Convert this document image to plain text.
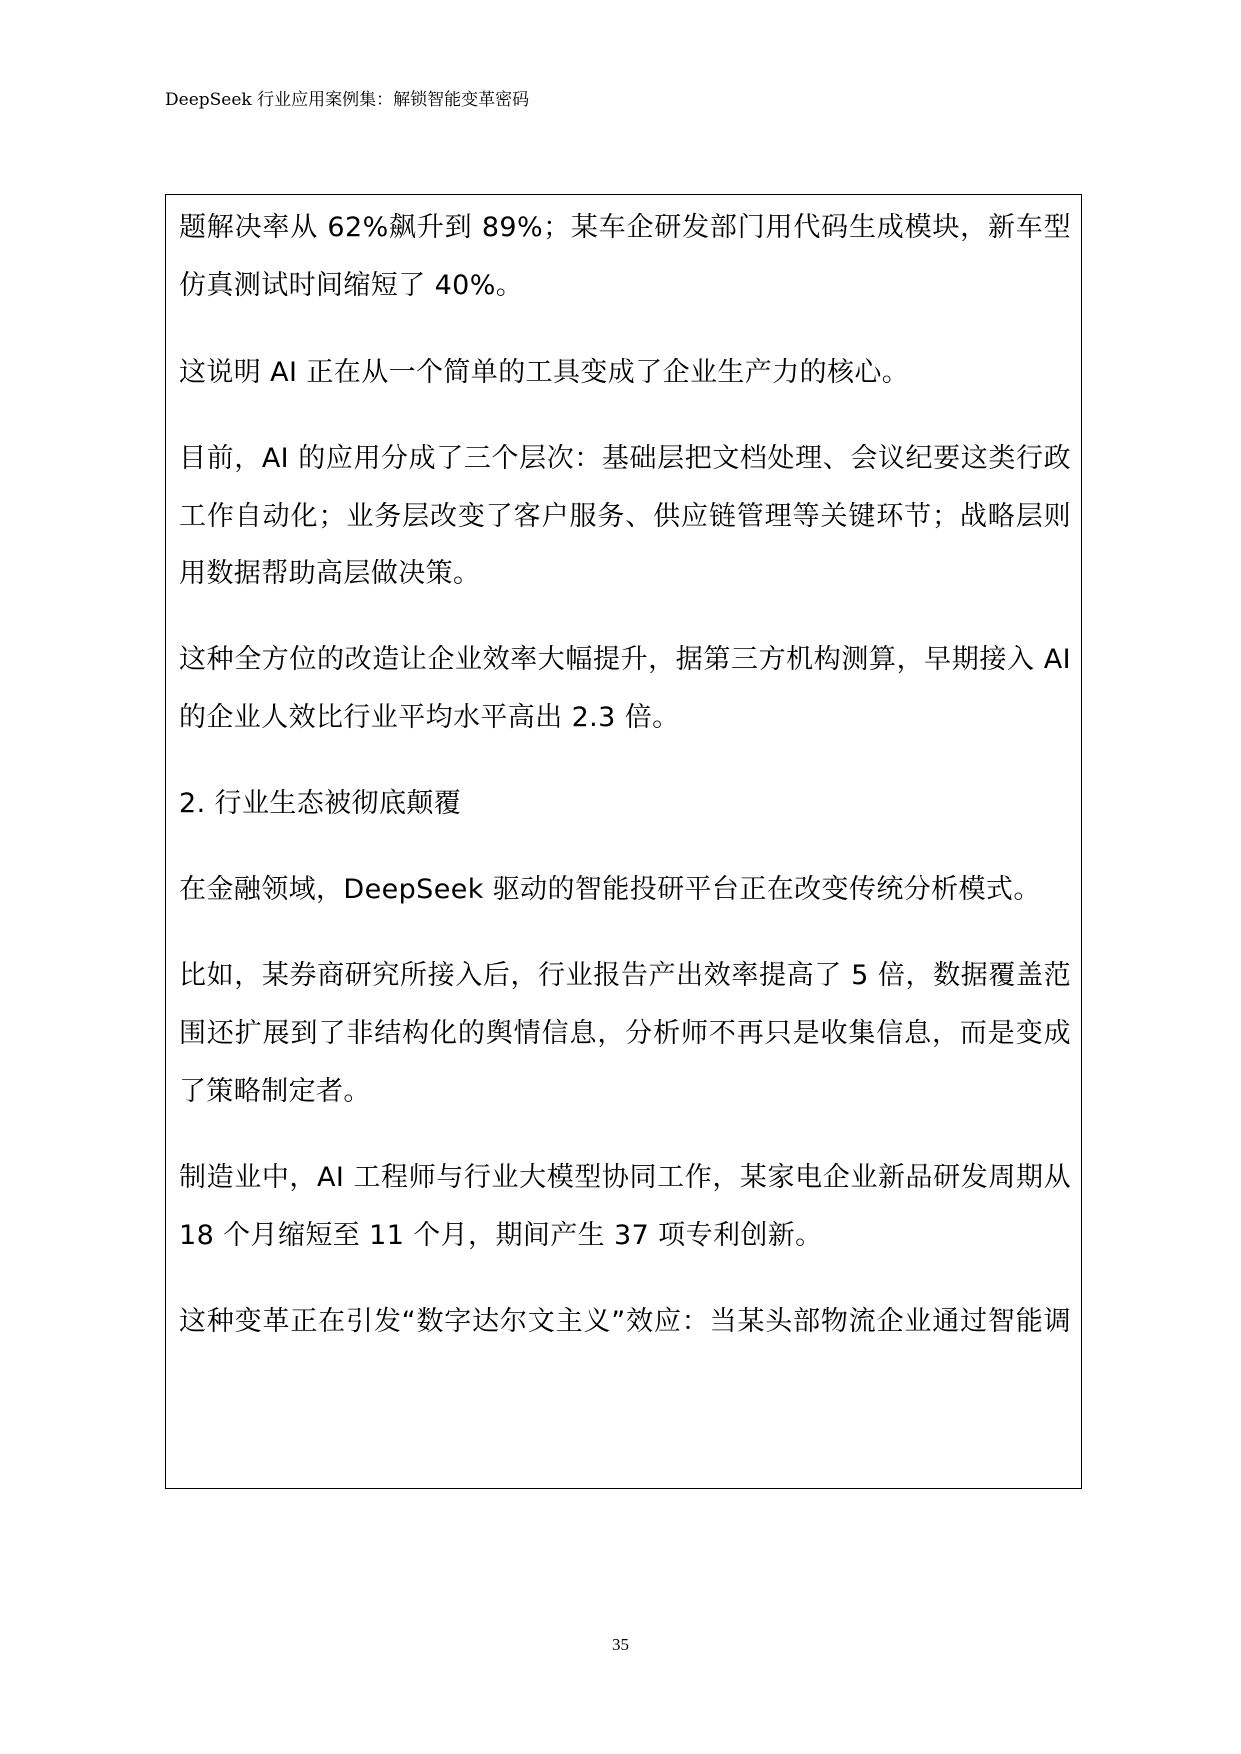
DeepSeek 行业应用案例集：解锁智能变革密码
题解决率从 62%飙升到 89%；某车企研发部门用代码生成模块，新车型
仿真测试时间缩短了 40%。
这说明 AI 正在从一个简单的工具变成了企业生产力的核心。
目前，AI 的应用分成了三个层次：基础层把文档处理、会议纪要这类行政
工作自动化；业务层改变了客户服务、供应链管理等关键环节；战略层则
用数据帮助高层做决策。
这种全方位的改造让企业效率大幅提升，据第三方机构测算，早期接入 AI
的企业人效比行业平均水平高出 2.3 倍。
2. 行业生态被彻底颠覆
在金融领域，DeepSeek 驱动的智能投研平台正在改变传统分析模式。
比如，某券商研究所接入后，行业报告产出效率提高了 5 倍，数据覆盖范
围还扩展到了非结构化的舆情信息，分析师不再只是收集信息，而是变成
了策略制定者。
制造业中，AI 工程师与行业大模型协同工作，某家电企业新品研发周期从
18 个月缩短至 11 个月，期间产生 37 项专利创新。
这种变革正在引发“数字达尔文主义”效应：当某头部物流企业通过智能调
35
